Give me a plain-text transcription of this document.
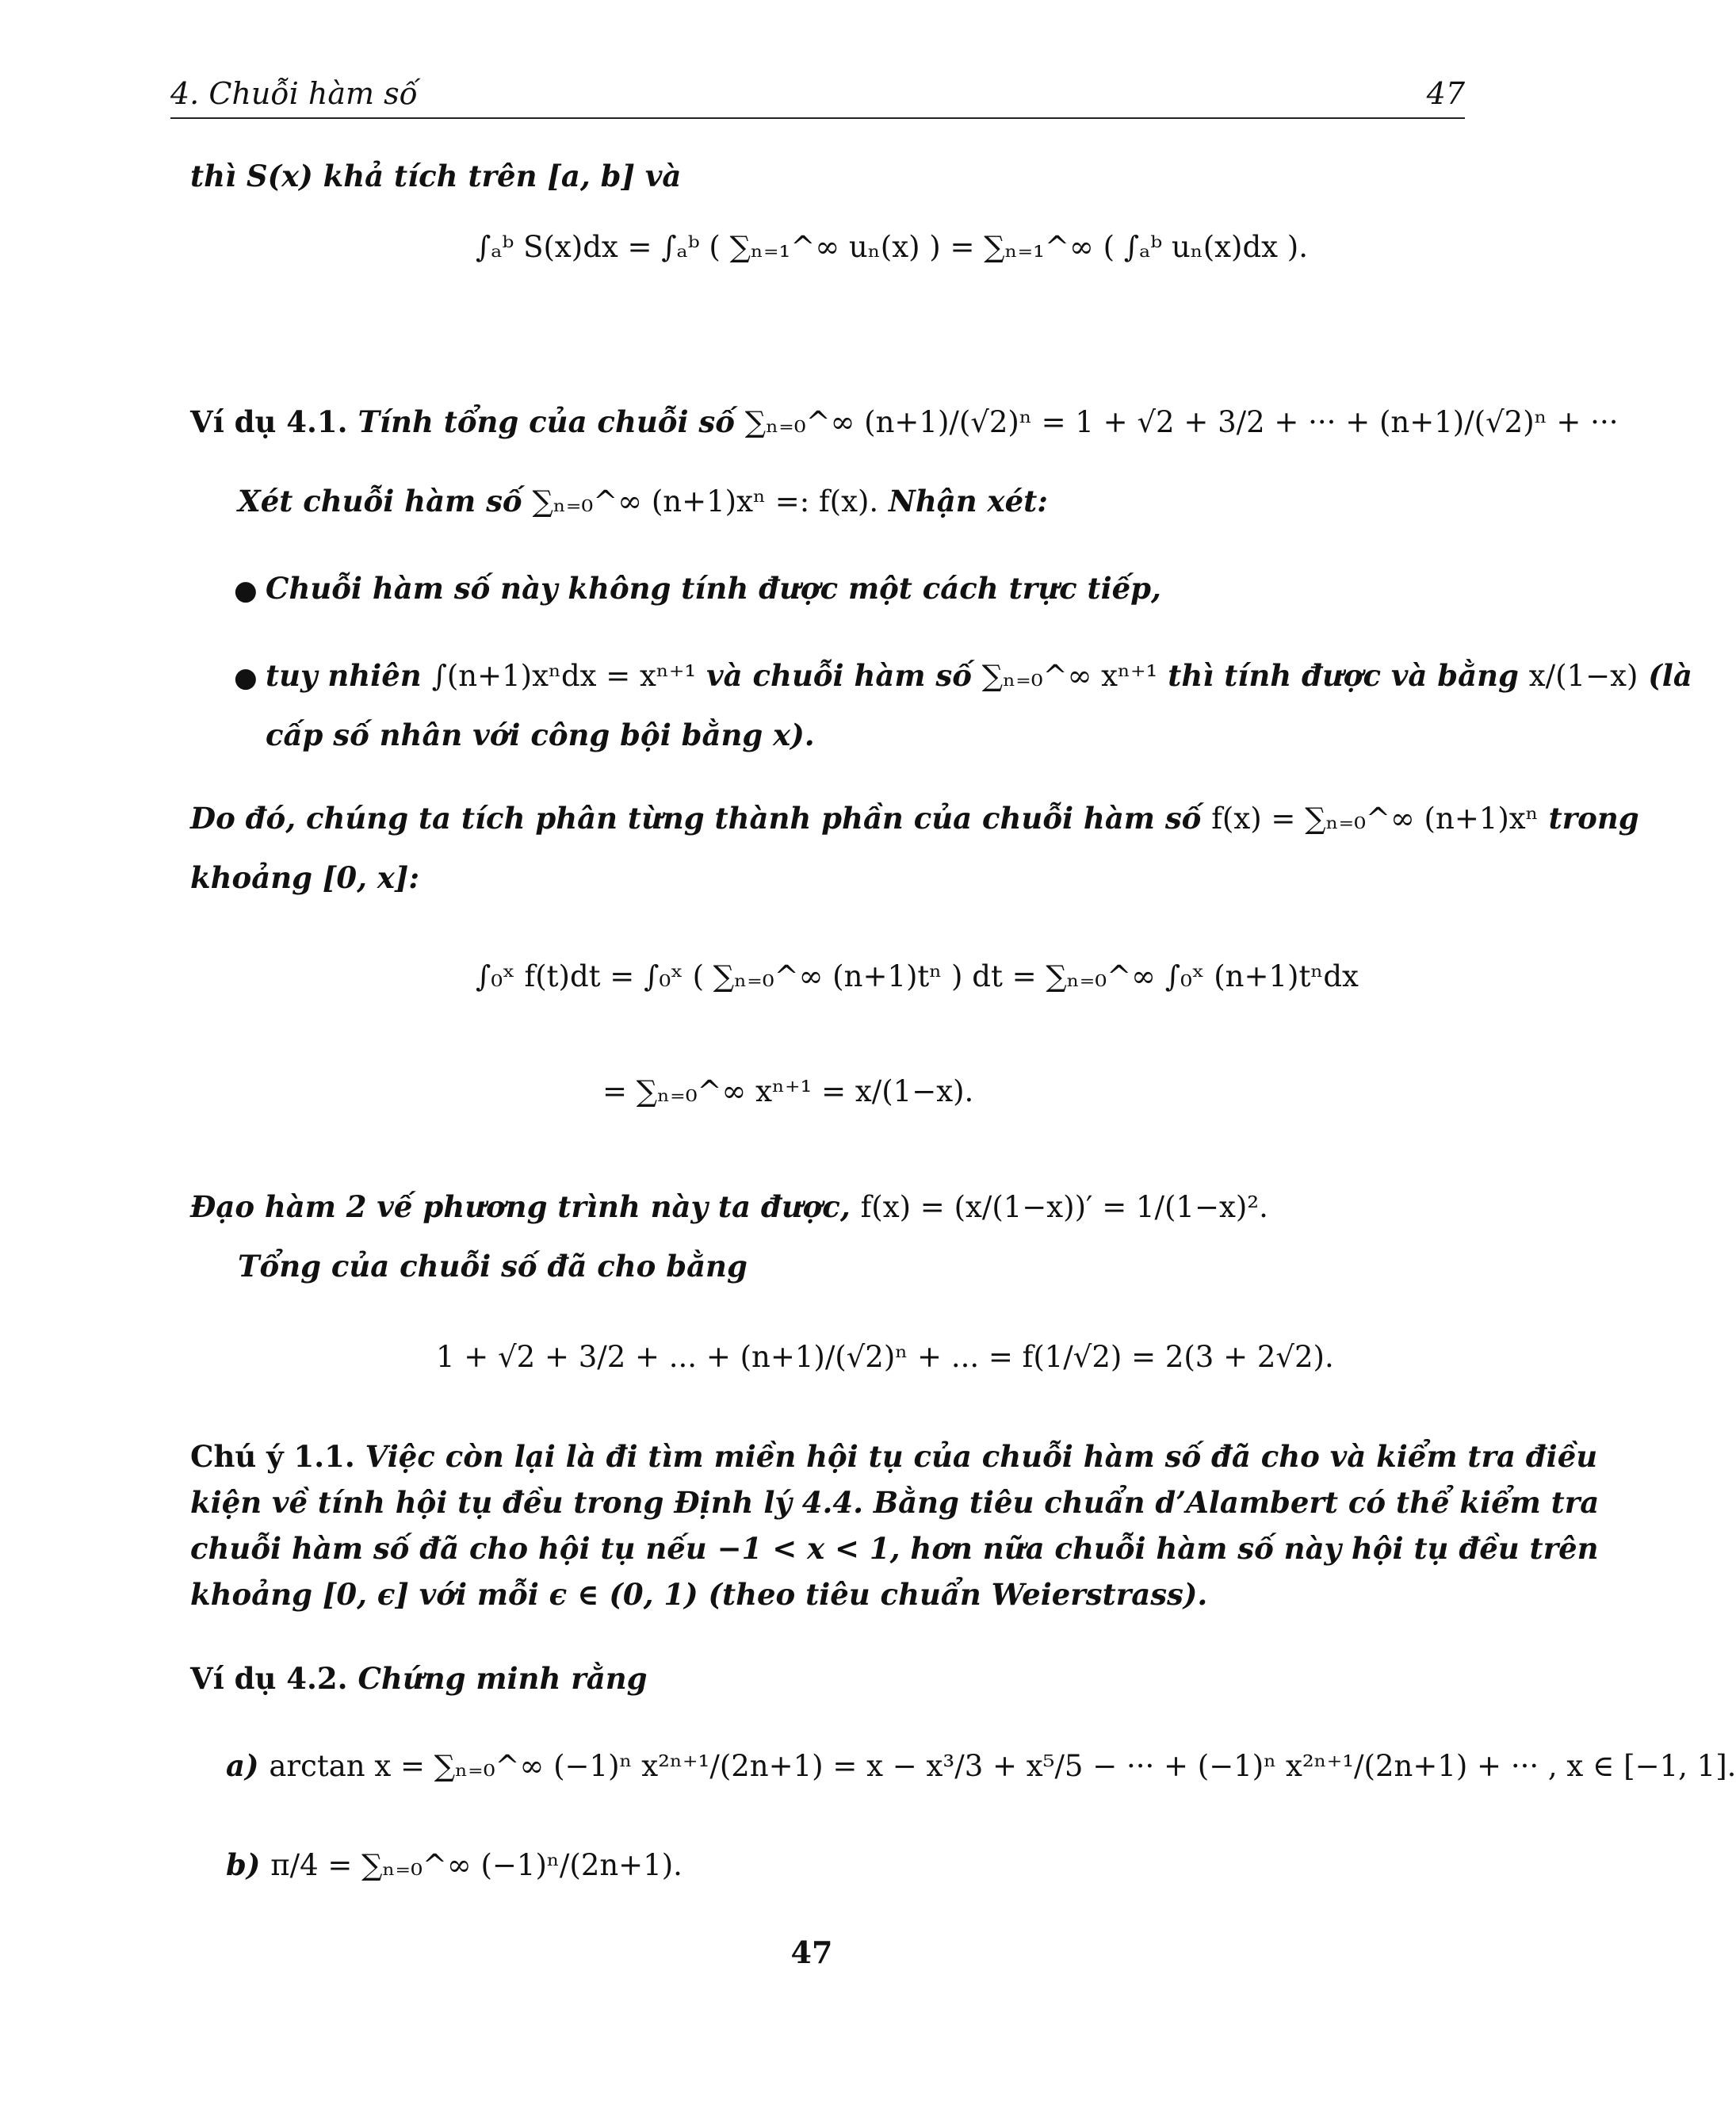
4. Chuỗi hàm số	47
thì S(x) khả tích trên [a, b] và
∫ₐᵇ S(x)dx = ∫ₐᵇ ( ∑ₙ₌₁^∞ uₙ(x) ) = ∑ₙ₌₁^∞ ( ∫ₐᵇ uₙ(x)dx ).
Ví dụ 4.1. Tính tổng của chuỗi số ∑ₙ₌₀^∞ (n+1)/(√2)ⁿ = 1 + √2 + 3/2 + ··· + (n+1)/(√2)ⁿ + ···
Xét chuỗi hàm số ∑ₙ₌₀^∞ (n+1)xⁿ =: f(x). Nhận xét:
● Chuỗi hàm số này không tính được một cách trực tiếp,
● tuy nhiên ∫(n+1)xⁿdx = xⁿ⁺¹ và chuỗi hàm số ∑ₙ₌₀^∞ xⁿ⁺¹ thì tính được và bằng x/(1−x) (là
cấp số nhân với công bội bằng x).
Do đó, chúng ta tích phân từng thành phần của chuỗi hàm số f(x) = ∑ₙ₌₀^∞ (n+1)xⁿ trong
khoảng [0, x]:
∫₀ˣ f(t)dt = ∫₀ˣ ( ∑ₙ₌₀^∞ (n+1)tⁿ ) dt = ∑ₙ₌₀^∞ ∫₀ˣ (n+1)tⁿdx
= ∑ₙ₌₀^∞ xⁿ⁺¹ = x/(1−x).
Đạo hàm 2 vế phương trình này ta được, f(x) = (x/(1−x))′ = 1/(1−x)².
Tổng của chuỗi số đã cho bằng
1 + √2 + 3/2 + ... + (n+1)/(√2)ⁿ + ... = f(1/√2) = 2(3 + 2√2).
Chú ý 1.1. Việc còn lại là đi tìm miền hội tụ của chuỗi hàm số đã cho và kiểm tra điều
kiện về tính hội tụ đều trong Định lý 4.4. Bằng tiêu chuẩn d’Alambert có thể kiểm tra
chuỗi hàm số đã cho hội tụ nếu −1 < x < 1, hơn nữa chuỗi hàm số này hội tụ đều trên
khoảng [0, ϵ] với mỗi ϵ ∈ (0, 1) (theo tiêu chuẩn Weierstrass).
Ví dụ 4.2. Chứng minh rằng
a) arctan x = ∑ₙ₌₀^∞ (−1)ⁿ x²ⁿ⁺¹/(2n+1) = x − x³/3 + x⁵/5 − ··· + (−1)ⁿ x²ⁿ⁺¹/(2n+1) + ··· , x ∈ [−1, 1].
b) π/4 = ∑ₙ₌₀^∞ (−1)ⁿ/(2n+1).
47
